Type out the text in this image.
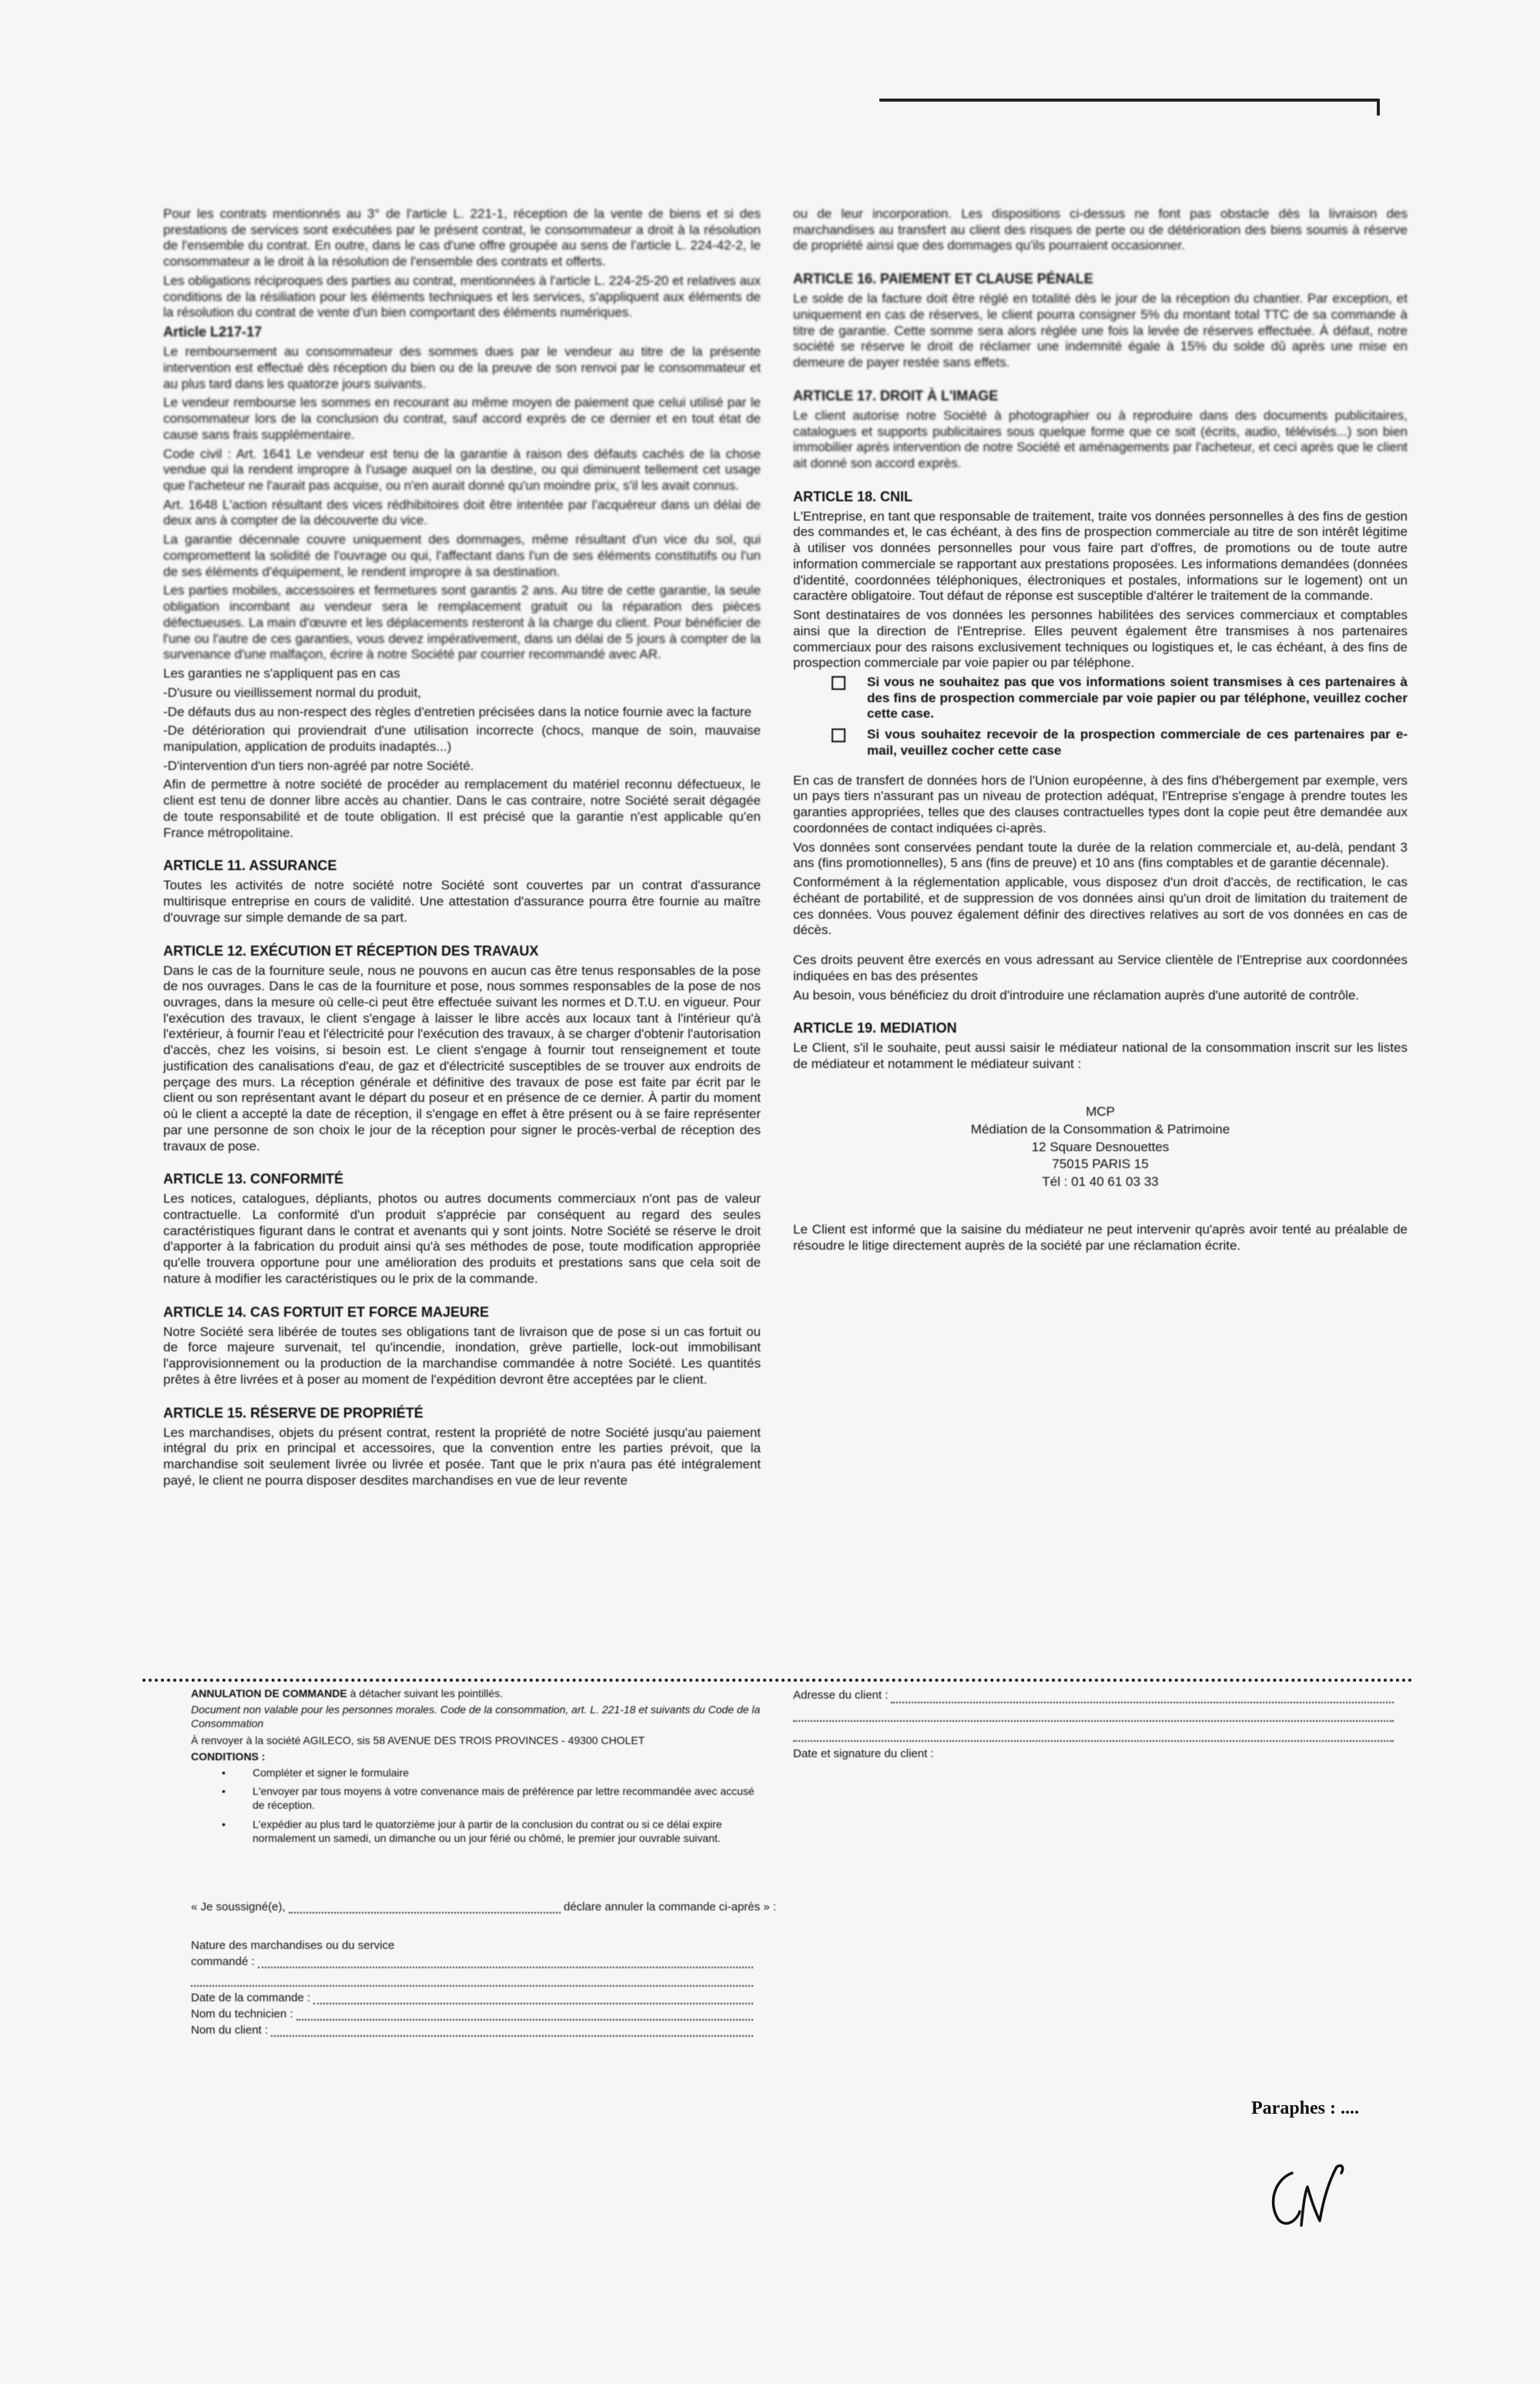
Pour les contrats mentionnés au 3° de l'article L. 221-1, réception de la vente de biens et si des prestations de services sont exécutées par le présent contrat, le consommateur a droit à la résolution de l'ensemble du contrat. En outre, dans le cas d'une offre groupée au sens de l'article L. 224-42-2, le consommateur a le droit à la résolution de l'ensemble des contrats et offerts.

Les obligations réciproques des parties au contrat, mentionnées à l'article L. 224-25-20 et relatives aux conditions de la résiliation pour les éléments techniques et les services, s'appliquent aux éléments de la résolution du contrat de vente d'un bien comportant des éléments numériques.

Article L217-17

Le remboursement au consommateur des sommes dues par le vendeur au titre de la présente intervention est effectué dès réception du bien ou de la preuve de son renvoi par le consommateur et au plus tard dans les quatorze jours suivants.

Le vendeur rembourse les sommes en recourant au même moyen de paiement que celui utilisé par le consommateur lors de la conclusion du contrat, sauf accord exprès de ce dernier et en tout état de cause sans frais supplémentaire.

Code civil : Art. 1641 Le vendeur est tenu de la garantie à raison des défauts cachés de la chose vendue qui la rendent impropre à l'usage auquel on la destine, ou qui diminuent tellement cet usage que l'acheteur ne l'aurait pas acquise, ou n'en aurait donné qu'un moindre prix, s'il les avait connus.

Art. 1648 L'action résultant des vices rédhibitoires doit être intentée par l'acquéreur dans un délai de deux ans à compter de la découverte du vice.

La garantie décennale couvre uniquement des dommages, même résultant d'un vice du sol, qui compromettent la solidité de l'ouvrage ou qui, l'affectant dans l'un de ses éléments constitutifs ou l'un de ses éléments d'équipement, le rendent impropre à sa destination.

Les parties mobiles, accessoires et fermetures sont garantis 2 ans. Au titre de cette garantie, la seule obligation incombant au vendeur sera le remplacement gratuit ou la réparation des pièces défectueuses. La main d'œuvre et les déplacements resteront à la charge du client. Pour bénéficier de l'une ou l'autre de ces garanties, vous devez impérativement, dans un délai de 5 jours à compter de la survenance d'une malfaçon, écrire à notre Société par courrier recommandé avec AR.

Les garanties ne s'appliquent pas en cas

-D'usure ou vieillissement normal du produit,

-De défauts dus au non-respect des règles d'entretien précisées dans la notice fournie avec la facture

-De détérioration qui proviendrait d'une utilisation incorrecte (chocs, manque de soin, mauvaise manipulation, application de produits inadaptés...)

-D'intervention d'un tiers non-agréé par notre Société.

Afin de permettre à notre société de procéder au remplacement du matériel reconnu défectueux, le client est tenu de donner libre accès au chantier. Dans le cas contraire, notre Société serait dégagée de toute responsabilité et de toute obligation. Il est précisé que la garantie n'est applicable qu'en France métropolitaine.

ARTICLE 11. ASSURANCE

Toutes les activités de notre société notre Société sont couvertes par un contrat d'assurance multirisque entreprise en cours de validité. Une attestation d'assurance pourra être fournie au maître d'ouvrage sur simple demande de sa part.

ARTICLE 12. EXÉCUTION ET RÉCEPTION DES TRAVAUX

Dans le cas de la fourniture seule, nous ne pouvons en aucun cas être tenus responsables de la pose de nos ouvrages. Dans le cas de la fourniture et pose, nous sommes responsables de la pose de nos ouvrages, dans la mesure où celle-ci peut être effectuée suivant les normes et D.T.U. en vigueur. Pour l'exécution des travaux, le client s'engage à laisser le libre accès aux locaux tant à l'intérieur qu'à l'extérieur, à fournir l'eau et l'électricité pour l'exécution des travaux, à se charger d'obtenir l'autorisation d'accès, chez les voisins, si besoin est. Le client s'engage à fournir tout renseignement et toute justification des canalisations d'eau, de gaz et d'électricité susceptibles de se trouver aux endroits de perçage des murs. La réception générale et définitive des travaux de pose est faite par écrit par le client ou son représentant avant le départ du poseur et en présence de ce dernier. À partir du moment où le client a accepté la date de réception, il s'engage en effet à être présent ou à se faire représenter par une personne de son choix le jour de la réception pour signer le procès-verbal de réception des travaux de pose.

ARTICLE 13. CONFORMITÉ

Les notices, catalogues, dépliants, photos ou autres documents commerciaux n'ont pas de valeur contractuelle. La conformité d'un produit s'apprécie par conséquent au regard des seules caractéristiques figurant dans le contrat et avenants qui y sont joints. Notre Société se réserve le droit d'apporter à la fabrication du produit ainsi qu'à ses méthodes de pose, toute modification appropriée qu'elle trouvera opportune pour une amélioration des produits et prestations sans que cela soit de nature à modifier les caractéristiques ou le prix de la commande.

ARTICLE 14. CAS FORTUIT ET FORCE MAJEURE

Notre Société sera libérée de toutes ses obligations tant de livraison que de pose si un cas fortuit ou de force majeure survenait, tel qu'incendie, inondation, grève partielle, lock-out immobilisant l'approvisionnement ou la production de la marchandise commandée à notre Société. Les quantités prêtes à être livrées et à poser au moment de l'expédition devront être acceptées par le client.

ARTICLE 15. RÉSERVE DE PROPRIÉTÉ

Les marchandises, objets du présent contrat, restent la propriété de notre Société jusqu'au paiement intégral du prix en principal et accessoires, que la convention entre les parties prévoit, que la marchandise soit seulement livrée ou livrée et posée. Tant que le prix n'aura pas été intégralement payé, le client ne pourra disposer desdites marchandises en vue de leur revente

ou de leur incorporation. Les dispositions ci-dessus ne font pas obstacle dès la livraison des marchandises au transfert au client des risques de perte ou de détérioration des biens soumis à réserve de propriété ainsi que des dommages qu'ils pourraient occasionner.

ARTICLE 16. PAIEMENT ET CLAUSE PÉNALE

Le solde de la facture doit être réglé en totalité dès le jour de la réception du chantier. Par exception, et uniquement en cas de réserves, le client pourra consigner 5% du montant total TTC de sa commande à titre de garantie. Cette somme sera alors réglée une fois la levée de réserves effectuée. À défaut, notre société se réserve le droit de réclamer une indemnité égale à 15% du solde dû après une mise en demeure de payer restée sans effets.

ARTICLE 17. DROIT À L'IMAGE

Le client autorise notre Société à photographier ou à reproduire dans des documents publicitaires, catalogues et supports publicitaires sous quelque forme que ce soit (écrits, audio, télévisés...) son bien immobilier après intervention de notre Société et aménagements par l'acheteur, et ceci après que le client ait donné son accord exprès.

ARTICLE 18. CNIL

L'Entreprise, en tant que responsable de traitement, traite vos données personnelles à des fins de gestion des commandes et, le cas échéant, à des fins de prospection commerciale au titre de son intérêt légitime à utiliser vos données personnelles pour vous faire part d'offres, de promotions ou de toute autre information commerciale se rapportant aux prestations proposées. Les informations demandées (données d'identité, coordonnées téléphoniques, électroniques et postales, informations sur le logement) ont un caractère obligatoire. Tout défaut de réponse est susceptible d'altérer le traitement de la commande.

Sont destinataires de vos données les personnes habilitées des services commerciaux et comptables ainsi que la direction de l'Entreprise. Elles peuvent également être transmises à nos partenaires commerciaux pour des raisons exclusivement techniques ou logistiques et, le cas échéant, à des fins de prospection commerciale par voie papier ou par téléphone.

Si vous ne souhaitez pas que vos informations soient transmises à ces partenaires à des fins de prospection commerciale par voie papier ou par téléphone, veuillez cocher cette case.
Si vous souhaitez recevoir de la prospection commerciale de ces partenaires par e-mail, veuillez cocher cette case

En cas de transfert de données hors de l'Union européenne, à des fins d'hébergement par exemple, vers un pays tiers n'assurant pas un niveau de protection adéquat, l'Entreprise s'engage à prendre toutes les garanties appropriées, telles que des clauses contractuelles types dont la copie peut être demandée aux coordonnées de contact indiquées ci-après.

Vos données sont conservées pendant toute la durée de la relation commerciale et, au-delà, pendant 3 ans (fins promotionnelles), 5 ans (fins de preuve) et 10 ans (fins comptables et de garantie décennale).

Conformément à la réglementation applicable, vous disposez d'un droit d'accès, de rectification, le cas échéant de portabilité, et de suppression de vos données ainsi qu'un droit de limitation du traitement de ces données. Vous pouvez également définir des directives relatives au sort de vos données en cas de décès.

Ces droits peuvent être exercés en vous adressant au Service clientèle de l'Entreprise aux coordonnées indiquées en bas des présentes

Au besoin, vous bénéficiez du droit d'introduire une réclamation auprès d'une autorité de contrôle.

ARTICLE 19. MEDIATION

Le Client, s'il le souhaite, peut aussi saisir le médiateur national de la consommation inscrit sur les listes de médiateur et notamment le médiateur suivant :

MCP
Médiation de la Consommation & Patrimoine
12 Square Desnouettes
75015 PARIS 15
Tél : 01 40 61 03 33

Le Client est informé que la saisine du médiateur ne peut intervenir qu'après avoir tenté au préalable de résoudre le litige directement auprès de la société par une réclamation écrite.

ANNULATION DE COMMANDE à détacher suivant les pointillés.

Document non valable pour les personnes morales. Code de la consommation, art. L. 221-18 et suivants du Code de la Consommation

À renvoyer à la société AGILECO, sis 58 AVENUE DES TROIS PROVINCES - 49300 CHOLET

CONDITIONS :

• Compléter et signer le formulaire
• L'envoyer par tous moyens à votre convenance mais de préférence par lettre recommandée avec accusé de réception.
• L'expédier au plus tard le quatorzième jour à partir de la conclusion du contrat ou si ce délai expire normalement un samedi, un dimanche ou un jour férié ou chômé, le premier jour ouvrable suivant.
Adresse du client :
Date et signature du client :
« Je soussigné(e),	déclare annuler la commande ci-après » :
Nature des marchandises ou du service
commandé :
Date de la commande :
Nom du technicien :
Nom du client :
Paraphes : ....
